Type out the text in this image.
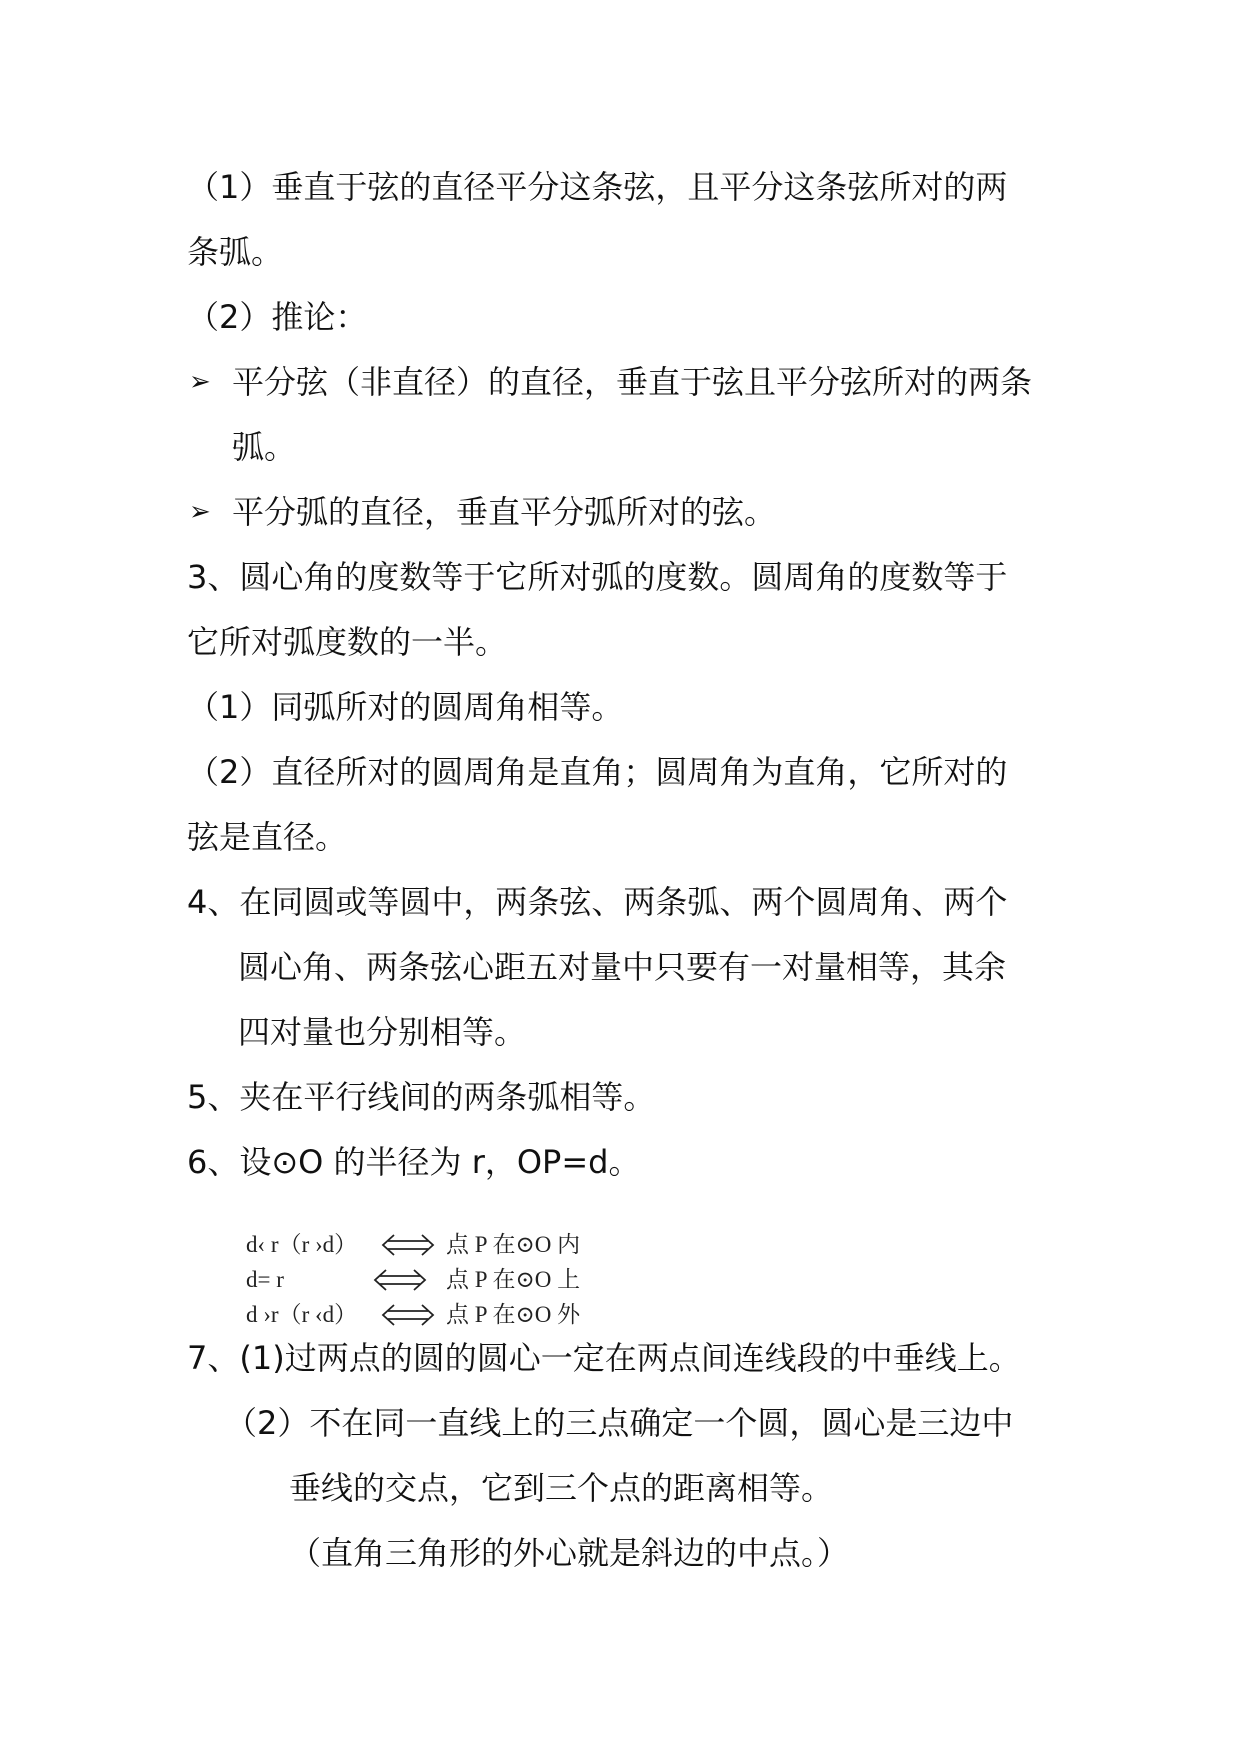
（1）垂直于弦的直径平分这条弦，且平分这条弦所对的两
条弧。
（2）推论：
➢ 平分弦（非直径）的直径，垂直于弦且平分弦所对的两条
弧。
➢ 平分弧的直径，垂直平分弧所对的弦。
3、圆心角的度数等于它所对弧的度数。圆周角的度数等于
它所对弧度数的一半。
（1）同弧所对的圆周角相等。
（2）直径所对的圆周角是直角；圆周角为直角，它所对的
弦是直径。
4、在同圆或等圆中，两条弦、两条弧、两个圆周角、两个
圆心角、两条弦心距五对量中只要有一对量相等，其余
四对量也分别相等。
5、夹在平行线间的两条弧相等。
6、设⊙O 的半径为 r，OP=d。
d‹ r（r ›d）	点 P 在⊙O 内
d= r	点 P 在⊙O 上
d ›r（r ‹d）	点 P 在⊙O 外
7、(1)过两点的圆的圆心一定在两点间连线段的中垂线上。
（2）不在同一直线上的三点确定一个圆，圆心是三边中
垂线的交点，它到三个点的距离相等。
（直角三角形的外心就是斜边的中点。）
